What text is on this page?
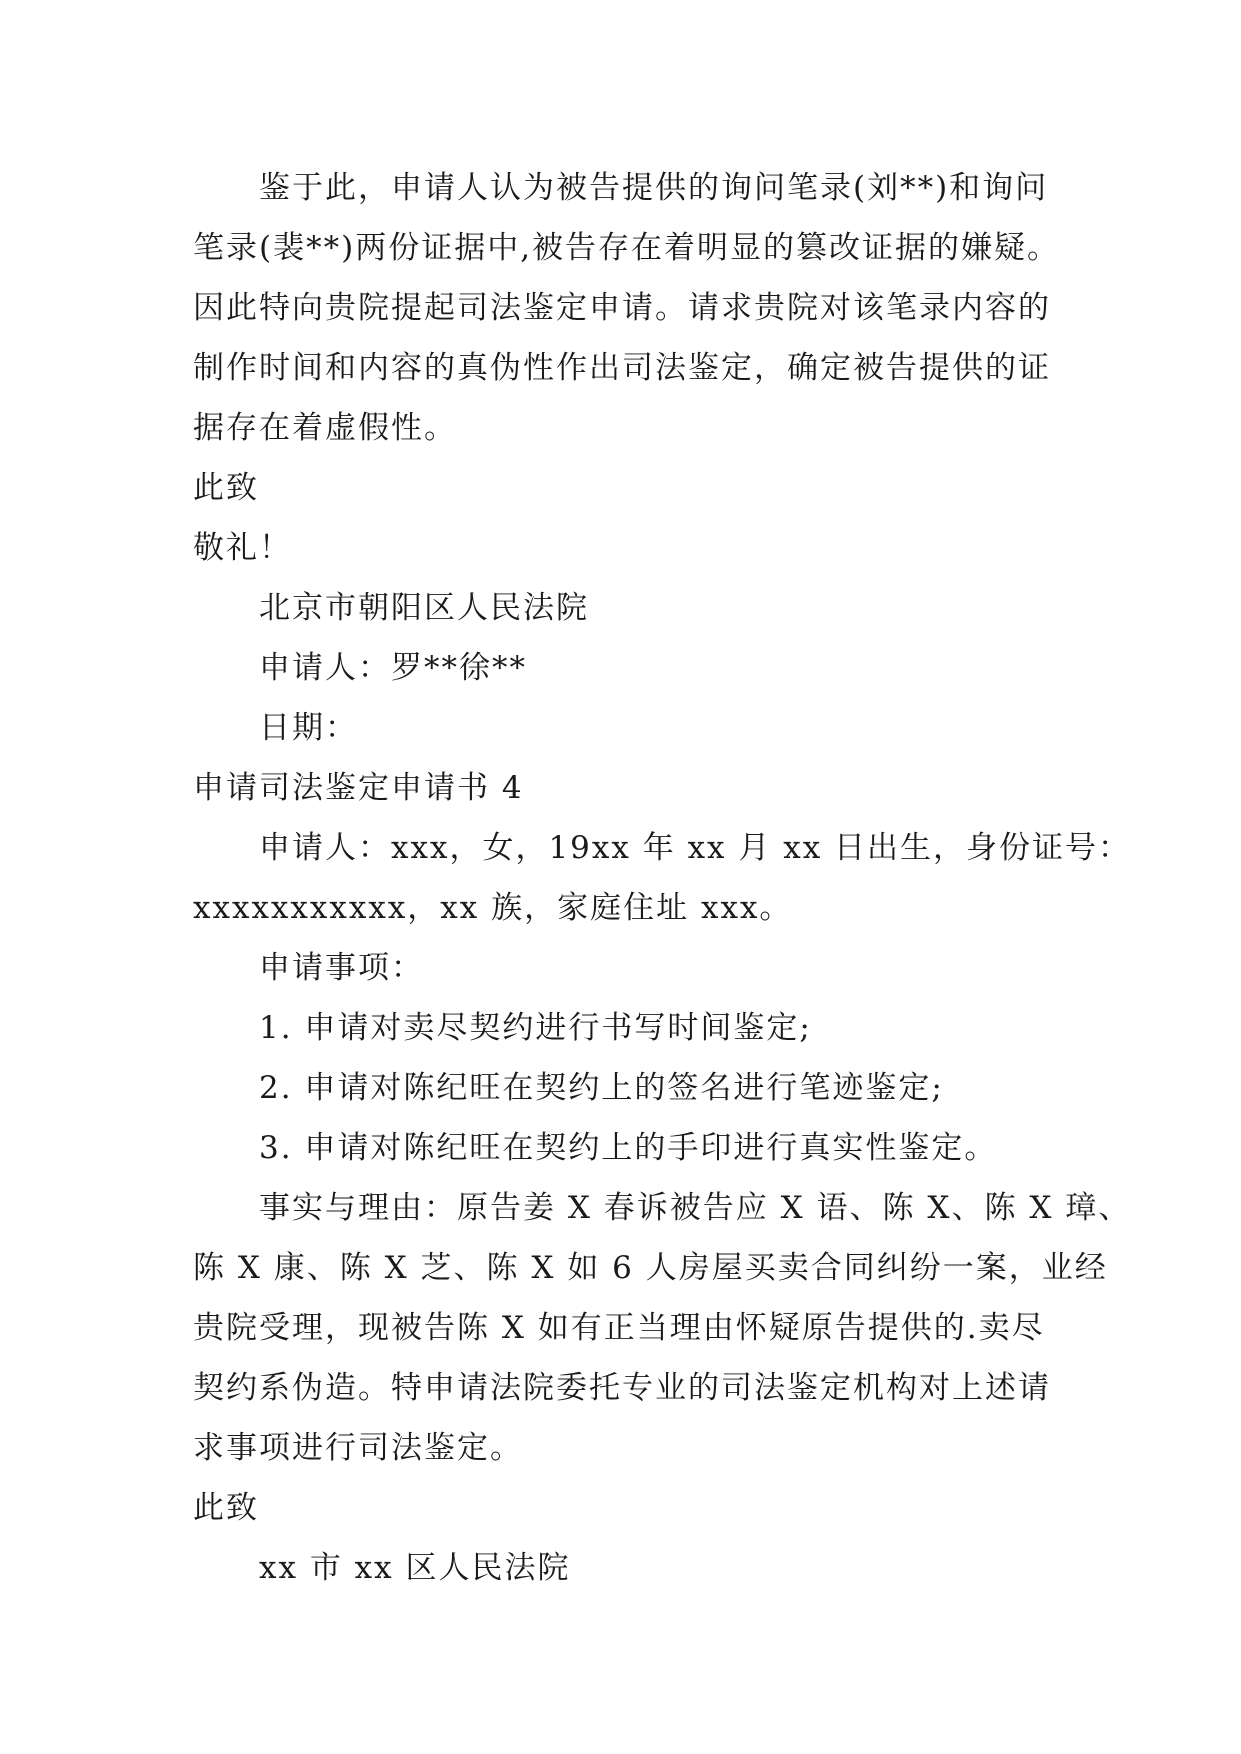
鉴于此，申请人认为被告提供的询问笔录(刘**)和询问
笔录(裴**)两份证据中,被告存在着明显的篡改证据的嫌疑。
因此特向贵院提起司法鉴定申请。请求贵院对该笔录内容的
制作时间和内容的真伪性作出司法鉴定，确定被告提供的证
据存在着虚假性。
此致
敬礼！
北京市朝阳区人民法院
申请人：罗**徐**
日期：
申请司法鉴定申请书 4
申请人：xxx，女，19xx 年 xx 月 xx 日出生，身份证号：
xxxxxxxxxxx，xx 族，家庭住址 xxx。
申请事项：
1. 申请对卖尽契约进行书写时间鉴定;
2. 申请对陈纪旺在契约上的签名进行笔迹鉴定;
3. 申请对陈纪旺在契约上的手印进行真实性鉴定。
事实与理由：原告姜 X 春诉被告应 X 语、陈 X、陈 X 璋、
陈 X 康、陈 X 芝、陈 X 如 6 人房屋买卖合同纠纷一案，业经
贵院受理，现被告陈 X 如有正当理由怀疑原告提供的.卖尽
契约系伪造。特申请法院委托专业的司法鉴定机构对上述请
求事项进行司法鉴定。
此致
xx 市 xx 区人民法院
